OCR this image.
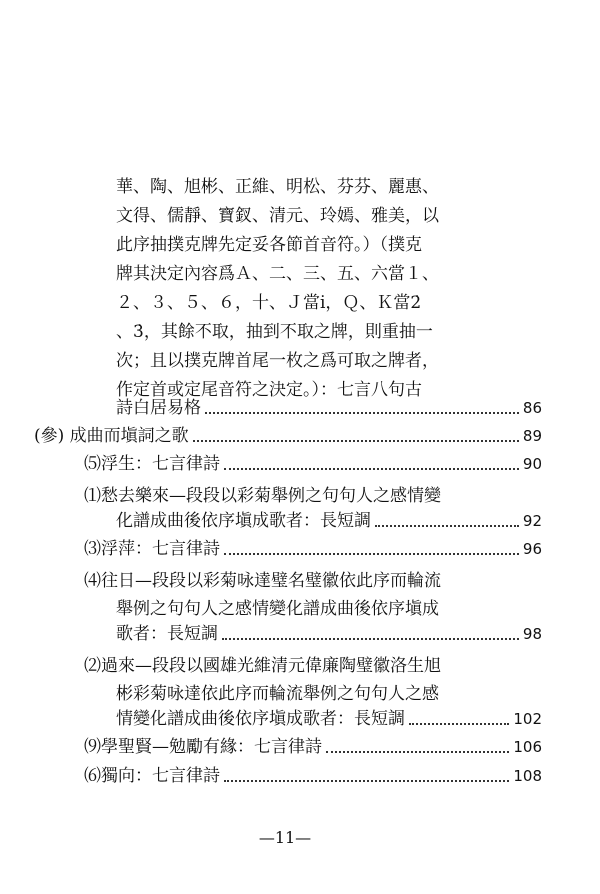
華、陶、旭彬、正維、明松、芬芬、麗惠、
文得、儒靜、寶釵、清元、玲嫣、雅美，以
此序抽撲克牌先定妥各節首音符。）（撲克
牌其決定內容爲Ａ、二、三、五、六當１、
２、３、５、６，十、Ｊ當i̇，Ｑ、Ｋ當2̇
、3̇，其餘不取，抽到不取之牌，則重抽一
次；且以撲克牌首尾一枚之爲可取之牌者，
作定首或定尾音符之決定。）：七言八句古
詩白居易格	86
(參) 成曲而塡詞之歌	89
⑸浮生：七言律詩	90
⑴愁去樂來—段段以彩菊舉例之句句人之感情變
化譜成曲後依序塡成歌者：長短調	92
⑶浮萍：七言律詩	96
⑷往日—段段以彩菊咏達璧名璧徽依此序而輪流
舉例之句句人之感情變化譜成曲後依序塡成
歌者：長短調	98
⑵過來—段段以國雄光維清元偉廉陶璧徽洛生旭
彬彩菊咏達依此序而輪流舉例之句句人之感
情變化譜成曲後依序塡成歌者：長短調	102
⑼學聖賢—勉勵有緣：七言律詩	106
⑹獨向：七言律詩	108
—11—
